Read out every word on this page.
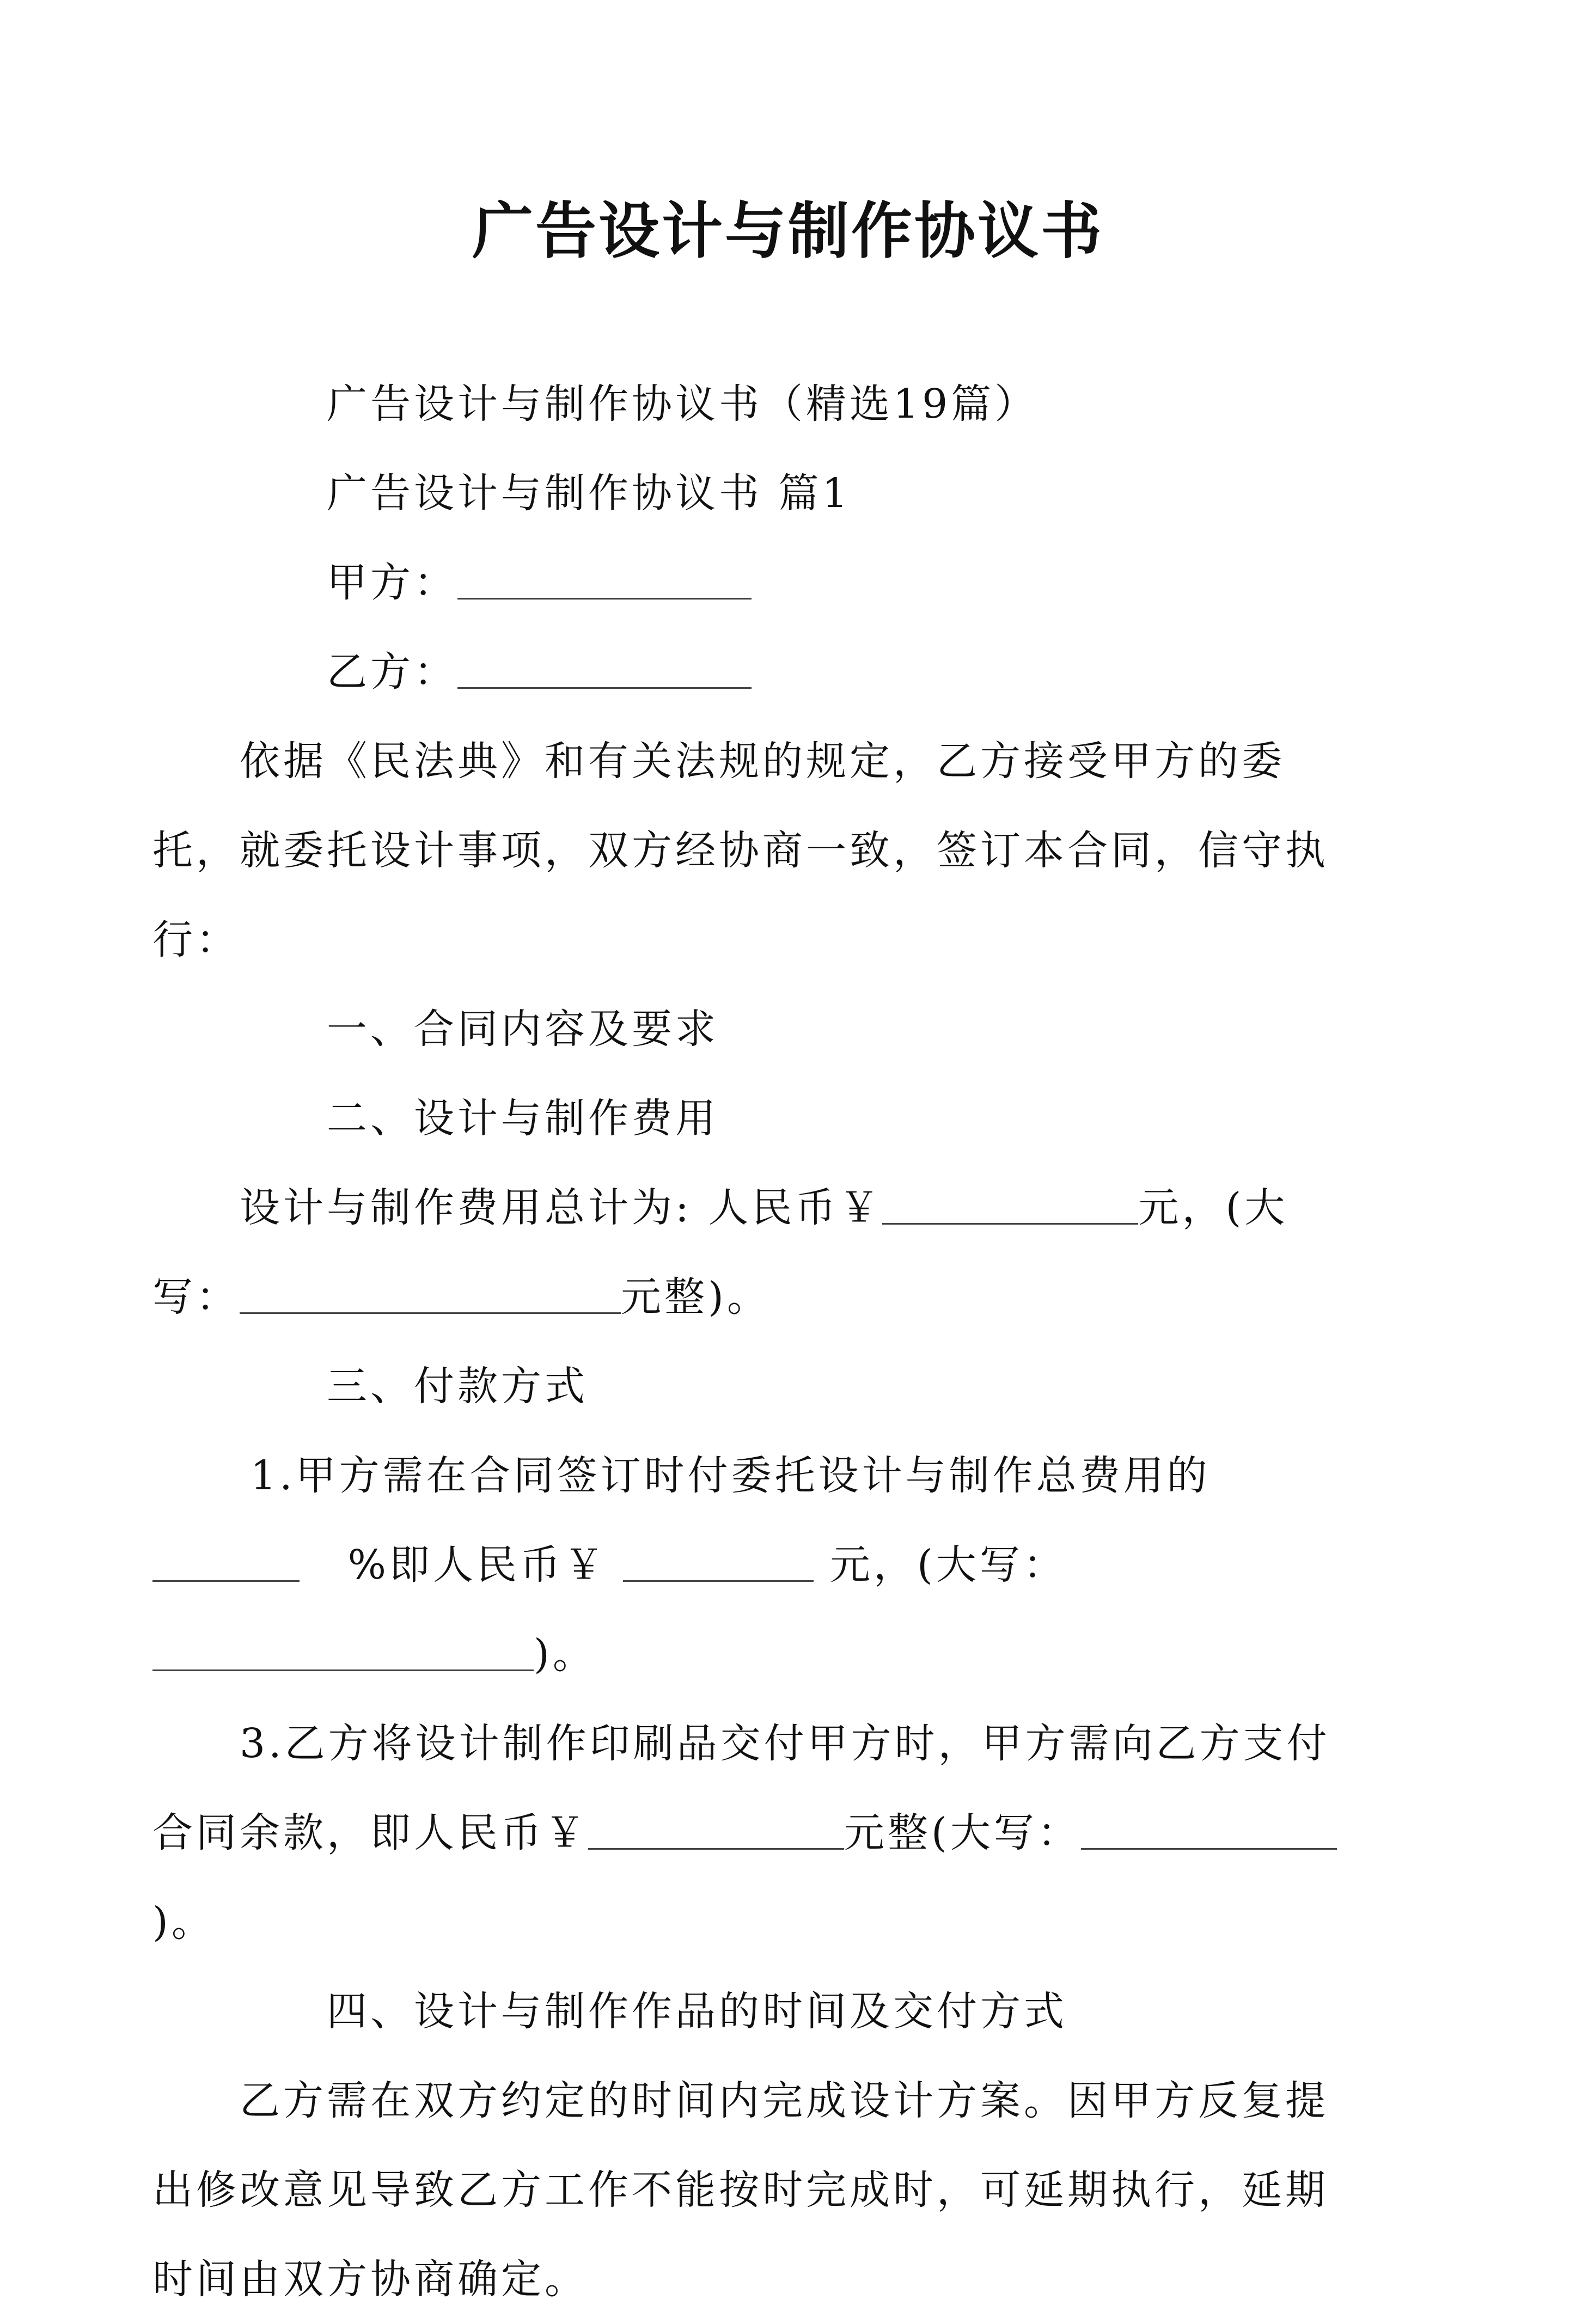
广告设计与制作协议书

广告设计与制作协议书（精选19篇）

广告设计与制作协议书 篇1

甲方：

乙方：

依据《民法典》和有关法规的规定，乙方接受甲方的委托，就委托设计事项，双方经协商一致，签订本合同，信守执行：

一、合同内容及要求

二、设计与制作费用

设计与制作费用总计为: 人民币￥	元，(大写：	元整)。

三、付款方式

1.甲方需在合同签订时付委托设计与制作总费用的   %即人民币￥	元，(大写：)。

3.乙方将设计制作印刷品交付甲方时，甲方需向乙方支付合同余款，即人民币￥	元整(大写：)。

四、设计与制作作品的时间及交付方式

乙方需在双方约定的时间内完成设计方案。因甲方反复提出修改意见导致乙方工作不能按时完成时，可延期执行，延期时间由双方协商确定。
